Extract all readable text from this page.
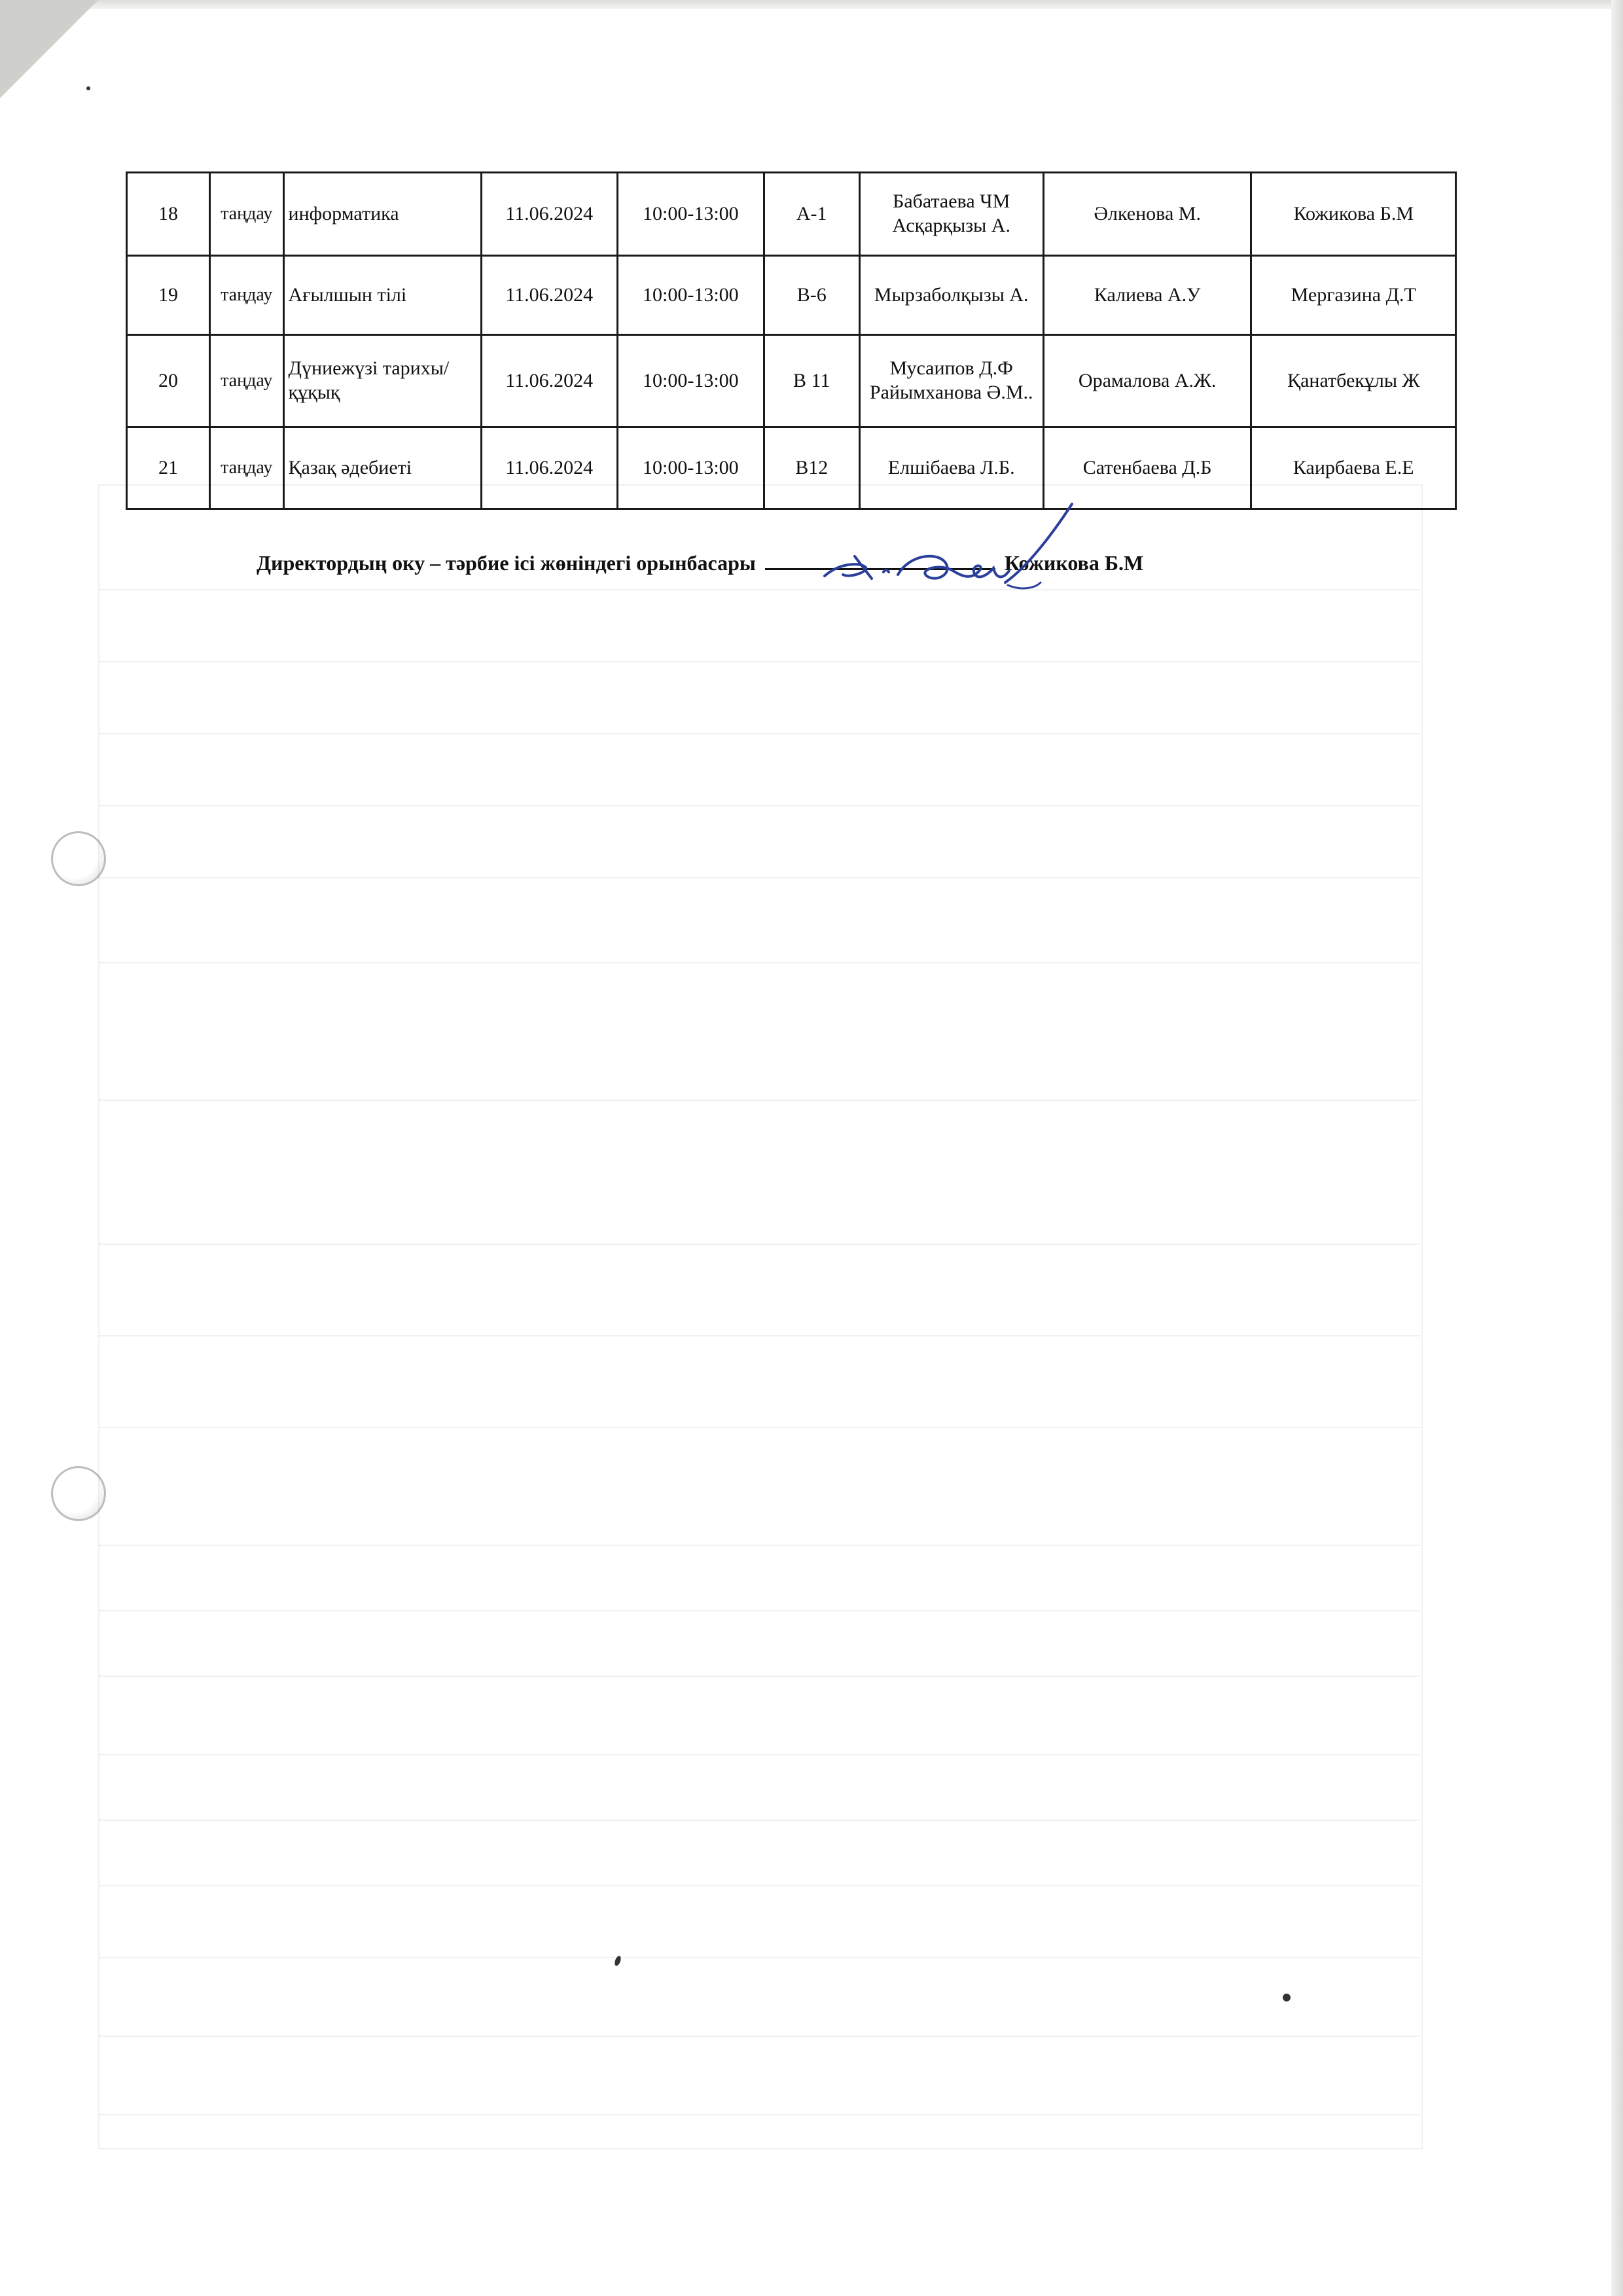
18	таңдау	информатика	11.06.2024	10:00-13:00	А-1	Бабатаева ЧМ Асқарқызы А.	Әлкенова М.	Кожикова Б.М
19	таңдау	Ағылшын тілі	11.06.2024	10:00-13:00	В-6	Мырзаболқызы А.	Калиева А.У	Мергазина Д.Т
20	таңдау	Дүниежүзі тарихы/ құқық	11.06.2024	10:00-13:00	В 11	Мусаипов Д.Ф Райымханова Ә.М..	Орамалова А.Ж.	Қанатбекұлы Ж
21	таңдау	Қазақ әдебиеті	11.06.2024	10:00-13:00	В12	Елшібаева Л.Б.	Сатенбаева Д.Б	Каирбаева Е.Е
Директордың оку – тәрбие ісі жөніндегі орынбасары	Кожикова Б.М
